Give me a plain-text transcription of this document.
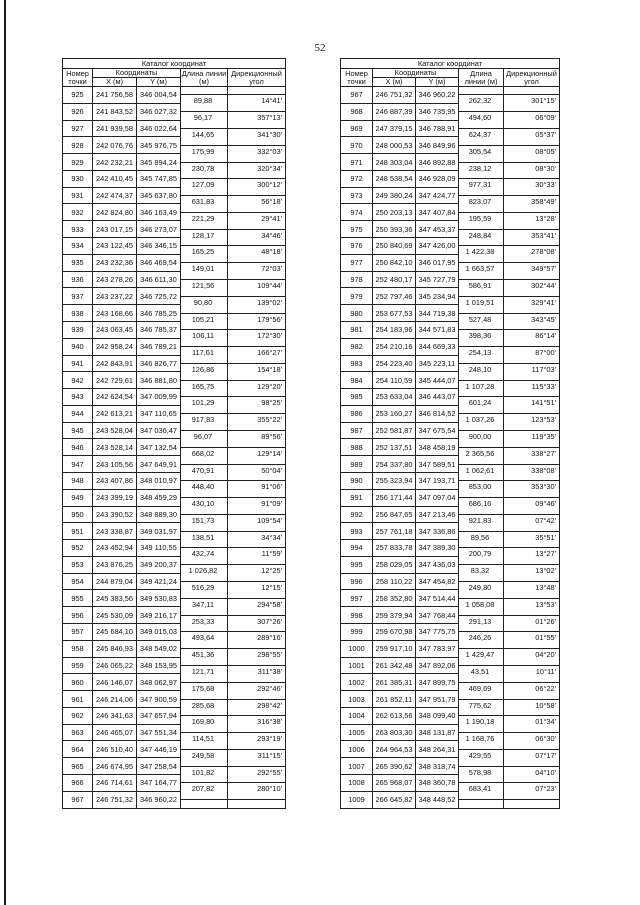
52
Каталог координат				
Номер точки	Координаты		Длина линии (м)	Дирекционный угол
	X (м)	Y (м)		
925	241 756,58	346 004,54		
			89,88	14°41'
926	241 843,52	346 027,32		
			96,17	357°13'
927	241 939,58	346 022,64		
			144,65	341°30'
928	242 076,76	345 976,75		
			175,99	332°03'
929	242 232,21	345 894,24		
			230,78	320°34'
930	242 410,45	345 747,85		
			127,09	300°12'
931	242 474,37	345 637,80		
			631,83	56°18'
932	242 824,80	346 163,49		
			221,29	29°41'
933	243 017,15	346 273,07		
			128,17	34°46'
934	243 122,45	346 346,15		
			165,25	48°18'
935	243 232,36	346 469,54		
			149,01	72°03'
936	243 278,26	346 611,30		
			121,56	109°44'
937	243 237,22	346 725,72		
			90,80	139°02'
938	243 168,66	346 785,25		
			105,21	179°56'
939	243 063,45	346 785,37		
			106,11	172°30'
940	242 958,24	346 789,21		
			117,61	166°27'
941	242 843,91	346 826,77		
			126,86	154°18'
942	242 729,61	346 881,80		
			165,75	129°20'
943	242 624,54	347 009,99		
			101,29	98°25'
944	242 613,21	347 110,65		
			917,83	355°22'
945	243 528,04	347 036,47		
			96,07	89°56'
946	243 528,14	347 132,54		
			668,02	129°14'
947	243 105,56	347 649,91		
			470,91	50°04'
948	243 407,86	348 010,97		
			448,40	91°06'
949	243 399,19	348 459,29		
			430,10	91°09'
950	243 390,52	348 889,30		
			151,73	109°54'
951	243 338,87	349 031,97		
			138,51	34°34'
952	243 452,94	349 110,55		
			432,74	11°59'
953	243 876,25	349 200,37		
			1 026,82	12°25'
954	244 879,04	349 421,24		
			516,29	12°15'
955	245 383,56	349 530,83		
			347,11	294°58'
956	245 530,09	349 216,17		
			253,33	307°26'
957	245 684,10	349 015,03		
			493,64	289°16'
958	245 846,93	348 549,02		
			451,36	298°55'
959	246 065,22	348 153,95		
			121,71	311°38'
960	246 146,07	348 062,97		
			175,68	292°46'
961	246 214,06	347 900,59		
			285,68	298°42'
962	246 341,63	347 657,94		
			169,80	316°38'
963	246 465,07	347 551,34		
			114,51	293°19'
964	246 510,40	347 446,19		
			249,58	311°15'
965	246 674,95	347 258,54		
			101,82	292°55'
966	246 714,61	347 164,77		
			207,82	280°10'
967	246 751,32	346 960,22		

Каталог координат				
Номер точки	Координаты		Длина линии (м)	Дирекционный угол
	X (м)	Y (м)		
967	246 751,32	346 960,22		
			262,32	301°15'
968	246 887,39	346 735,95		
			494,60	06°09'
969	247 379,15	346 788,91		
			624,37	05°37'
970	248 000,53	346 849,96		
			305,54	08°05'
971	248 303,04	346 892,88		
			238,12	08°30'
972	248 538,54	346 928,09		
			977,31	30°33'
973	249 380,24	347 424,77		
			823,07	358°49'
974	250 203,13	347 407,84		
			195,59	13°28'
975	250 393,36	347 453,37		
			248,84	353°41'
976	250 840,69	347 426,00		
			1 422,38	278°08'
977	250 842,10	346 017,95		
			1 663,57	349°57'
978	252 480,17	345 727,79		
			586,91	302°44'
979	252 797,46	345 234,94		
			1 019,51	329°41'
980	253 677,53	344 719,38		
			527,48	343°45'
981	254 183,96	344 571,83		
			398,36	86°14'
982	254 210,16	344 669,33		
			254,13	87°00'
983	254 223,40	345 223,11		
			248,10	117°03'
984	254 110,59	345 444,07		
			1 107,28	115°33'
985	253 633,04	346 443,07		
			601,24	141°51'
986	253 160,27	346 814,52		
			1 037,26	123°53'
987	252 581,87	347 675,54		
			900,00	119°35'
988	252 137,51	348 458,19		
			2 365,56	338°27'
989	254 337,80	347 589,51		
			1 062,61	338°08'
990	255 323,94	347 193,71		
			853,00	353°30'
991	256 171,44	347 097,04		
			686,16	09°46'
992	256 847,65	347 213,46		
			921,83	07°42'
993	257 761,18	347 336,86		
			89,56	35°51'
994	257 833,78	347 389,30		
			200,79	13°27'
995	258 029,05	347 436,03		
			83,32	13°02'
996	258 110,22	347 454,82		
			249,80	13°48'
997	258 352,80	347 514,44		
			1 058,08	13°53'
998	259 379,94	347 768,44		
			291,13	01°26'
999	259 670,98	347 775,75		
			246,26	01°55'
1000	259 917,10	347 783,97		
			1 429,47	04°20'
1001	261 342,48	347 892,06		
			43,51	10°11'
1002	261 385,31	347 899,75		
			469,69	06°22'
1003	261 852,11	347 951,79		
			775,62	10°58'
1004	262 613,56	348 099,40		
			1 190,18	01°34'
1005	263 803,30	348 131,87		
			1 168,76	06°30'
1006	264 964,53	348 264,31		
			429,55	07°17'
1007	265 390,62	348 318,74		
			578,98	04°10'
1008	265 968,07	348 360,78		
			683,41	07°23'
1009	266 645,82	348 448,52		
